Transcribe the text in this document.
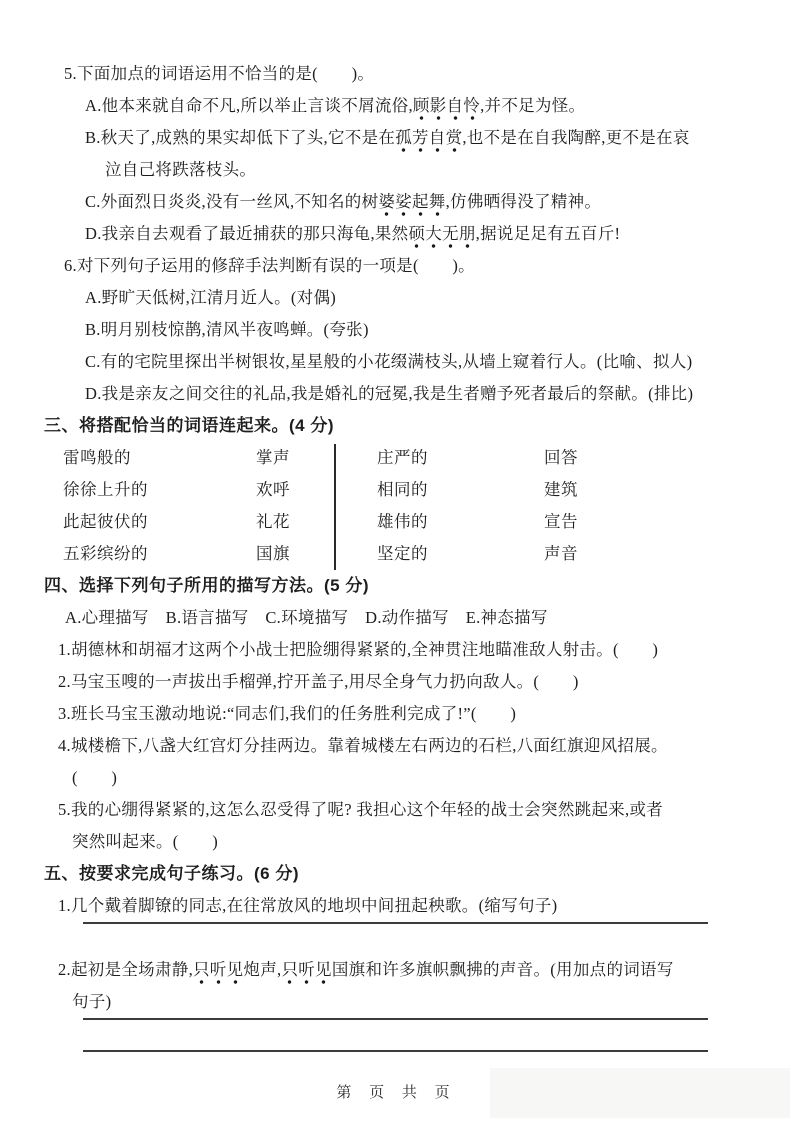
5.下面加点的词语运用不恰当的是(　　)。

A.他本来就自命不凡,所以举止言谈不屑流俗,顾影自怜,并不足为怪。

B.秋天了,成熟的果实却低下了头,它不是在孤芳自赏,也不是在自我陶醉,更不是在哀

泣自己将跌落枝头。

C.外面烈日炎炎,没有一丝风,不知名的树婆娑起舞,仿佛晒得没了精神。

D.我亲自去观看了最近捕获的那只海龟,果然硕大无朋,据说足足有五百斤!

6.对下列句子运用的修辞手法判断有误的一项是(　　)。

A.野旷天低树,江清月近人。(对偶)

B.明月别枝惊鹊,清风半夜鸣蝉。(夸张)

C.有的宅院里探出半树银妆,星星般的小花缀满枝头,从墙上窥着行人。(比喻、拟人)

D.我是亲友之间交往的礼品,我是婚礼的冠冕,我是生者赠予死者最后的祭献。(排比)

三、将搭配恰当的词语连起来。(4 分)

雷鸣般的

徐徐上升的

此起彼伏的

五彩缤纷的

掌声

欢呼

礼花

国旗

庄严的

相同的

雄伟的

坚定的

回答

建筑

宣告

声音

四、选择下列句子所用的描写方法。(5 分)

A.心理描写　B.语言描写　C.环境描写　D.动作描写　E.神态描写

1.胡德林和胡福才这两个小战士把脸绷得紧紧的,全神贯注地瞄准敌人射击。(　　)

2.马宝玉嗖的一声拔出手榴弹,拧开盖子,用尽全身气力扔向敌人。(　　)

3.班长马宝玉激动地说:“同志们,我们的任务胜利完成了!”(　　)

4.城楼檐下,八盏大红宫灯分挂两边。靠着城楼左右两边的石栏,八面红旗迎风招展。

(　　)

5.我的心绷得紧紧的,这怎么忍受得了呢? 我担心这个年轻的战士会突然跳起来,或者

突然叫起来。(　　)

五、按要求完成句子练习。(6 分)

1.几个戴着脚镣的同志,在往常放风的地坝中间扭起秧歌。(缩写句子)

2.起初是全场肃静,只听见炮声,只听见国旗和许多旗帜飘拂的声音。(用加点的词语写

句子)

第 页 共 页
